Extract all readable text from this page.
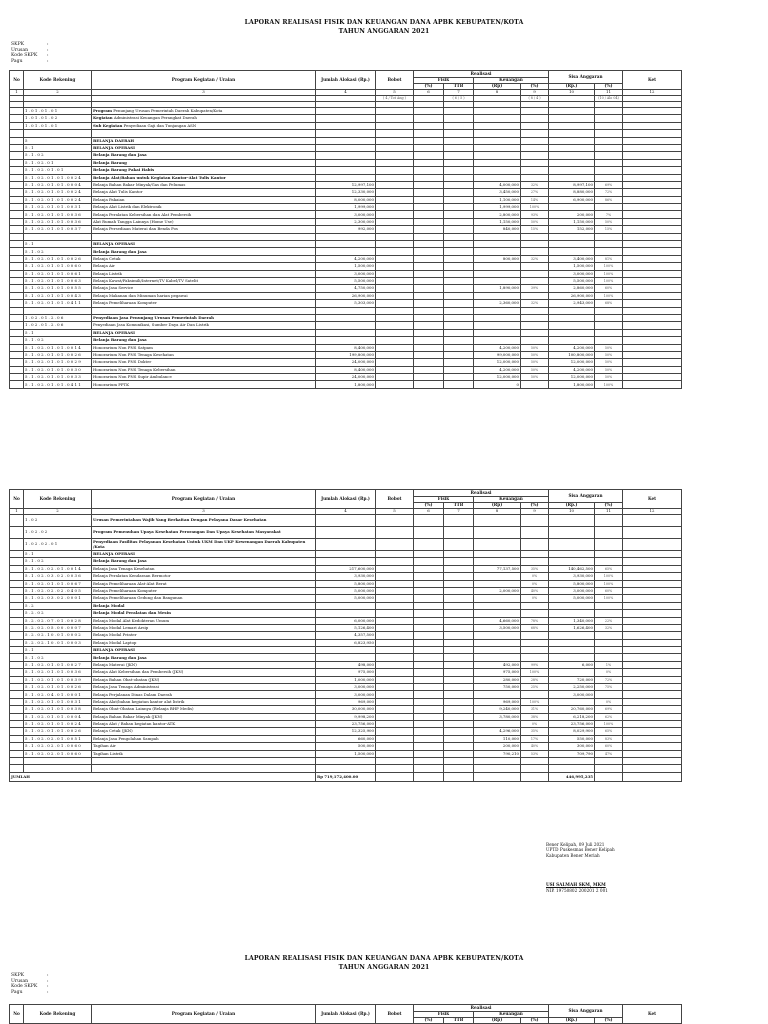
LAPORAN REALISASI FISIK DAN KEUANGAN DANA APBK KEBUPATEN/KOTA
TAHUN ANGGARAN 2021
SKPK	:
Urusan	:
Kode SKPK	:
Pagu	:
No	Kode Rekening	Program Kegiatan / Uraian	Jumlah Alokasi (Rp.)	Bobot	Realisasi				Sisa Anggaran		Ket
					Fisik		Keuangan				
					(%)	TTB	(Rp)	(%)	(Rp.)	(%)	
1	2	3	4	5	6	7	8	9	10	11	12
				( 4 / Tot Ang )		( 6 / 5 )		( 8 / 4 )		(10 / Alo 04)	

	1 . 0 1 . 0 1 . 0 1	Program Penunjang Urusan Pemerintah Daerah Kabupaten/Kota									
	1 . 0 1 . 0 1 . 0 2	Kegiatan Administrasi Keuangan Perangkat Daerah									
	1 . 0 1 . 0 1 . 0 1	Sub Kegiatan Penyediaan Gaji dan Tunjangan ASN									

	5	BELANJA DAERAH									
	5 . 1	BELANJA OPERASI									
	5 . 1 . 0 2	Belanja Barang dan Jasa									
	5 . 1 . 0 2 . 0 1	Belanja Barang									
	5 . 1 . 0 2 . 0 1 . 0 1	Belanja Barang Pakai Habis									
	5 . 1 . 0 2 . 0 1 . 0 1 . 0 0 2 4	Belanja Alat/Bahan untuk Kegiatan Kantor-Alat Tulis Kantor									
	5 . 1 . 0 2 . 0 1 . 0 1 . 0 0 0 4	Belanja Bahan Bakar Minyak/Gas dan Pelumas	12,997,100				4,000,000	32%	8,997,100	69%	
	5 . 1 . 0 2 . 0 1 . 0 1 . 0 0 2 4	Belanja Alat Tulis Kantor	12,330,000				3,450,000	27%	8,880,000	72%	
	5 . 1 . 0 2 . 0 1 . 0 1 . 0 0 2 4	Belanja Pakaian	8,000,000				1,100,000	14%	6,900,000	86%	
	5 . 1 . 0 2 . 0 1 . 0 1 . 0 0 3 1	Belanja Alat Listrik dan Elektronik	1,999,000				1,999,000	100%			
	5 . 1 . 0 2 . 0 1 . 0 1 . 0 0 3 6	Belanja Peralatan Kebersihan dan Alat Pembersih	3,000,000				2,800,000	93%	200,000	7%	
	5 . 1 . 0 2 . 0 1 . 0 1 . 0 0 3 6	Alat Rumah Tangga Lainnya (Home Use)	2,300,000				1,150,000	50%	1,150,000	50%	
	5 . 1 . 0 2 . 0 1 . 0 1 . 0 0 3 7	Belanja Persediaan Materai dan Benda Pos	992,000				840,000	15%	152,000	15%	

	5 . 1	BELANJA OPERASI									
	5 . 1 . 0 2	Belanja Barang dan Jasa									
	5 . 1 . 0 2 . 0 1 . 0 1 . 0 0 2 6	Belanja Cetak	4,200,000				800,000	32%	3,400,000	81%	
	5 . 1 . 0 2 . 0 1 . 0 1 . 0 0 6 0	Belanja Air	1,500,000						1,500,000	100%	
	5 . 1 . 0 2 . 0 1 . 0 1 . 0 0 6 1	Belanja Listrik	3,000,000						3,000,000	100%	
	5 . 1 . 0 2 . 0 1 . 0 1 . 0 0 6 3	Belanja Kawat/Faksimili/Internet/TV Kabel/TV Satelit	5,500,000						5,500,000	100%	
	5 . 1 . 0 2 . 0 1 . 0 1 . 0 0 5 5	Belanja Jasa Service	4,750,000				1,890,000	39%	2,860,000	60%	
	5 . 1 . 0 2 . 0 1 . 0 1 . 0 0 4 3	Belanja Makanan dan Minuman harian pegawai	26,900,000						26,900,000	100%	
	5 . 1 . 0 2 . 0 1 . 0 1 . 0 4 1 1	Belanja Pemeliharaan Komputer	5,303,000				2,360,000	32%	2,943,000	68%	

	1 . 0 2 . 0 1 . 2 . 0 6	Penyediaan Jasa Penunjang Urusan Pemerintah Daerah									
	1 . 0 2 . 0 1 . 2 . 0 6	Penyediaan Jasa Komunikasi, Sumber Daya Air Dan Listrik									
	5 . 1	BELANJA OPERASI									
	5 . 1 . 0 2	Belanja Barang dan Jasa									
	5 . 1 . 0 2 . 0 1 . 0 1 . 0 0 1 4	Honorarium Non PNS Satpam	8,400,000				4,200,000	50%	4,200,000	50%	
	5 . 1 . 0 2 . 0 1 . 0 1 . 0 0 2 6	Honorarium Non PNS Tenaga Kesehatan	199,800,000				99,000,000	50%	100,800,000	50%	
	5 . 1 . 0 2 . 0 1 . 0 1 . 0 0 2 9	Honorarium Non PNS Dokter	24,000,000				12,000,000	50%	12,000,000	50%	
	5 . 1 . 0 2 . 0 1 . 0 1 . 0 0 3 0	Honorarium Non PNS Tenaga Kebersihan	8,400,000				4,200,000	50%	4,200,000	50%	
	5 . 1 . 0 2 . 0 1 . 0 1 . 0 0 3 3	Honorarium Non PNS Supir Ambulance	24,000,000				12,000,000	50%	12,000,000	50%	
	5 . 1 . 0 2 . 0 1 . 0 1 . 0 4 1 1	Honorarium PPTK	1,800,000				0		1,800,000	100%	
No	Kode Rekening	Program Kegiatan / Uraian	Jumlah Alokasi (Rp.)	Bobot	Realisasi				Sisa Anggaran		Ket
					Fisik		Keuangan				
					(%)	TTB	(Rp)	(%)	(Rp.)	(%)	
1	2	3	4	5	6	7	8	9	10	11	12
	1 . 0 2	Urusan Pemerintahan Wajib Yang Berkaitan Dengan Pelayana Dasar Kesehatan									
	1 . 0 2 . 0 2	Program Pemenuhan Upaya Kesehatan Perorangan Dan Upaya Kesehatan Masyarakat									
	1 . 0 2 . 0 2 . 0 1	Penyediaan Fasilitas Pelayanan Kesehatan Untuk UKM Dan UKP Kewenangan Daerah Kabupaten /Kota									
	5 . 1	BELANJA OPERASI									
	5 . 1 . 0 2	Belanja Barang dan Jasa									
	5 . 1 . 0 2 . 0 2 . 0 1 . 0 0 1 4	Belanja Jasa Tenaga Kesehatan	217,600,000				77,137,500	35%	140,462,500	65%	
	5 . 1 . 0 2 . 0 3 . 0 2 . 0 0 3 6	Belanja Peralatan Kendaraan Bermotor	3,930,000					0%	3,930,000	100%	
	5 . 1 . 0 2 . 0 1 . 0 1 . 0 0 6 7	Belanja Pemeliharaan Alat-Alat Berat	5,800,000					0%	5,800,000	100%	
	5 . 1 . 0 2 . 0 2 . 0 2 . 0 4 0 5	Belanja Pemeliharaan Komputer	5,000,000				2,000,000	40%	3,000,000	60%	
	5 . 1 . 0 2 . 0 3 . 0 2 . 0 0 0 1	Belanja Pemeliharaan Gedung dan Bangunan	5,000,000					0%	5,000,000	100%	
	5 . 2	Belanja Modal									
	5 . 2 . 0 2	Belanja Modal Peralatan dan Mesin									
	5 . 2 . 0 2 . 0 7 . 0 1 . 0 0 2 8	Belanja Modal Alat Kedokteran Umum	6,000,000				4,660,000	78%	1,340,000	22%	
	5 . 2 . 0 2 . 0 5 . 0 0 . 0 0 0 7	Belanja Modal Lemari Arsip	5,126,400				3,500,000	68%	1,626,400	32%	
	5 . 2 . 0 2 . 1 0 . 0 1 . 0 0 0 2	Belanja Modal Printer	4,357,500								
	5 . 2 . 0 2 . 1 0 . 0 1 . 0 0 0 3	Belanja Modal Laptop	6,823,950								
	5 . 1	BELANJA OPERASI									
	5 . 1 . 0 2	Belanja Barang dan Jasa									
	5 . 1 . 0 2 . 0 1 . 0 1 . 0 0 2 7	Belanja Materai (JKN)	498,000				492,000	99%	6,000	1%	
	5 . 1 . 0 2 . 0 1 . 0 1 . 0 0 3 6	Belanja Alat Kebersihan dan Pembersih (JKN)	975,000				975,000	100%		0%	
	5 . 1 . 0 2 . 0 1 . 0 1 . 0 0 3 9	Belanja Bahan Obat-obatan (JKN)	1,000,000				280,000	28%	720,000	72%	
	5 . 1 . 0 2 . 0 1 . 0 1 . 0 0 2 6	Belanja Jasa Tenaga Administrasi	3,000,000				750,000	25%	2,250,000	75%	
	5 . 1 . 0 2 . 0 4 . 0 1 . 0 0 0 1	Belanja Perjalanan Dinas Dalam Daerah	3,000,000						3,000,000		
	5 . 1 . 0 2 . 0 1 . 0 1 . 0 0 3 1	Belanja Alat/bahan kegiatan kantor alat listrik	969,000				969,000	100%		0%	
	5 . 1 . 0 2 . 0 1 . 0 1 . 0 0 3 8	Belanja Obat-Obatan Lainnya (Belanja BHP Medis)	30,000,000				9,240,000	31%	20,760,000	69%	
	5 . 1 . 0 2 . 0 1 . 0 1 . 0 0 0 4	Belanja Bahan Bakar Minyak (JKN)	9,998,200				3,780,000	38%	6,218,200	62%	
	5 . 1 . 0 2 . 0 1 . 0 1 . 0 0 2 4	Belanja Alat / Bahan kegiatan kantor-ATK	23,756,000					0%	23,756,000	100%	
	5 . 1 . 0 2 . 0 1 . 0 1 . 0 0 2 6	Belanja Cetak (JKN)	12,325,900				4,296,000	35%	8,029,900	65%	
	5 . 1 . 0 2 . 0 2 . 0 1 . 0 0 5 1	Belanja Jasa Pengolahan Sampah	660,000				110,000	17%	550,000	83%	
	5 . 1 . 0 2 . 0 2 . 0 1 . 0 0 6 0	Tagihan Air	500,000				200,000	40%	300,000	60%	
	5 . 1 . 0 2 . 0 2 . 0 1 . 0 0 6 0	Tagihan Listrik	1,500,000				790,210	53%	709,790	47%	

JUMLAH			Rp 719,172,400.00						446,995,235		
Bener Kelipah, 09 Juli 2021
UPTD Puskesmas Bener Kelipah
Kabupaten Bener Meriah
USI SALMAH SKM, MKM
NIP. 19750802 200201 2 001
LAPORAN REALISASI FISIK DAN KEUANGAN DANA APBK KEBUPATEN/KOTA
TAHUN ANGGARAN 2021
SKPK	:
Urusan	:
Kode SKPK	:
Pagu	:
No	Kode Rekening	Program Kegiatan / Uraian	Jumlah Alokasi (Rp.)	Bobot	Realisasi				Sisa Anggaran		Ket
					Fisik		Keuangan				
					(%)	TTB	(Rp)	(%)	(Rp.)	(%)	
